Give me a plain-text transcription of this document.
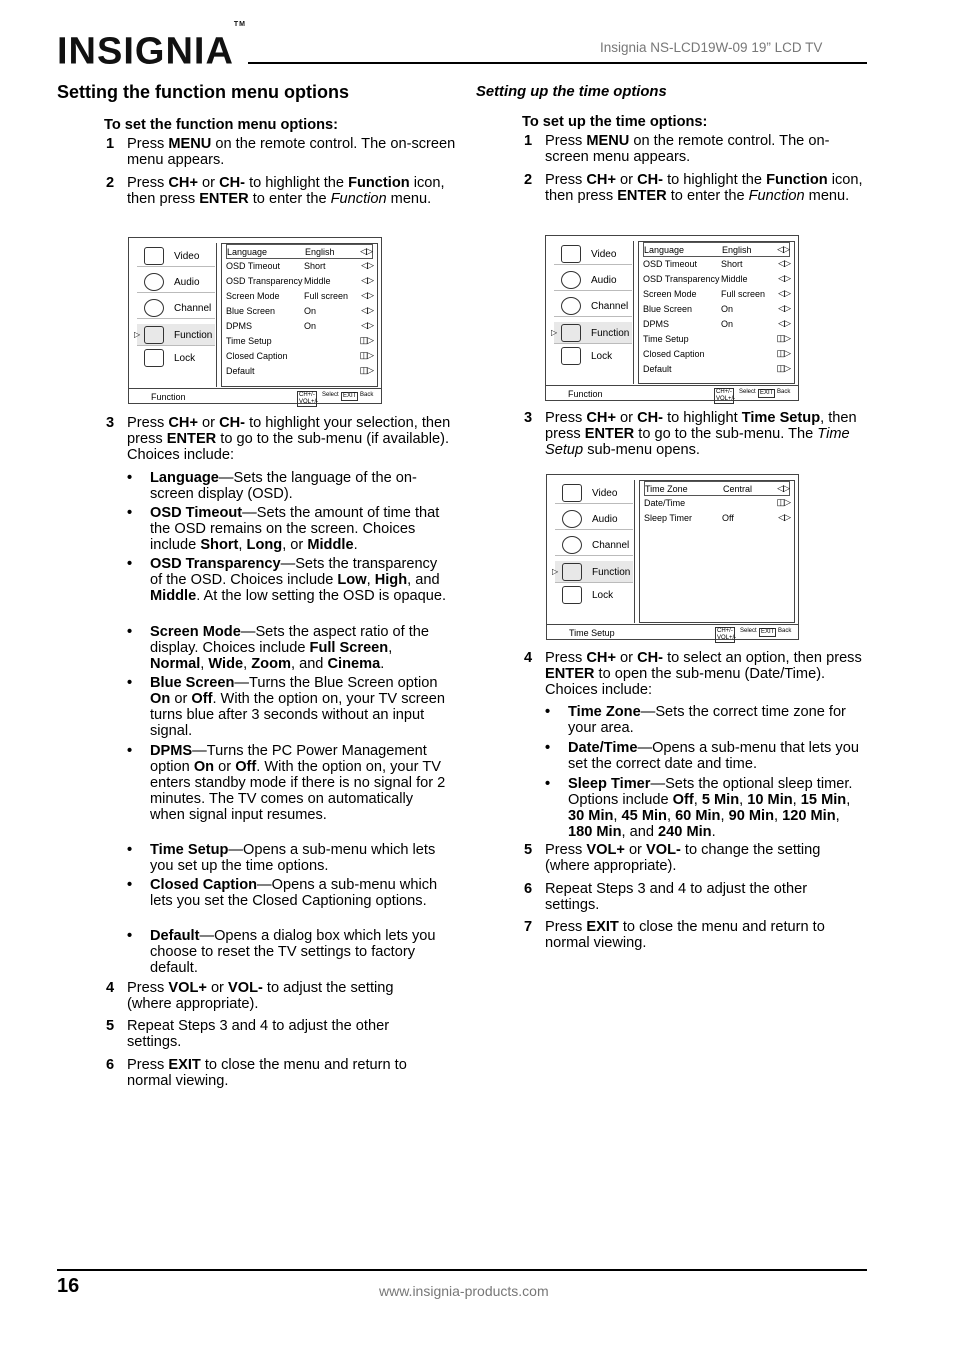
INSIGNIA™
Insignia NS-LCD19W-09 19” LCD TV
Setting the function menu options
To set the function menu options:
1 Press MENU on the remote control. The on-screen menu appears.
2 Press CH+ or CH- to highlight the Function icon, then press ENTER to enter the Function menu.
Video
Audio
Channel
▷	Function
Lock
Language	English	◁▷
OSD Timeout	Short	◁▷
OSD Transparency Middle	◁▷
Screen Mode	Full screen ◁▷
Blue Screen	On	◁▷
DPMS	On	◁▷
Time Setup	◫▷
Closed Caption	◫▷
Default	◫▷
Function	CH+/-
VOL+/-
Select EXIT Back
3 Press CH+ or CH- to highlight your selection, then press ENTER to go to the sub-menu (if available). Choices include:
• Language—Sets the language of the on-screen display (OSD).
• OSD Timeout—Sets the amount of time that the OSD remains on the screen. Choices include Short, Long, or Middle.
• OSD Transparency—Sets the transparency of the OSD. Choices include Low, High, and Middle. At the low setting the OSD is opaque.
• Screen Mode—Sets the aspect ratio of the display. Choices include Full Screen, Normal, Wide, Zoom, and Cinema.
• Blue Screen—Turns the Blue Screen option On or Off. With the option on, your TV screen turns blue after 3 seconds without an input signal.
• DPMS—Turns the PC Power Management option On or Off. With the option on, your TV enters standby mode if there is no signal for 2 minutes. The TV comes on automatically when signal input resumes.
• Time Setup—Opens a sub-menu which lets you set up the time options.
• Closed Caption—Opens a sub-menu which lets you set the Closed Captioning options.
• Default—Opens a dialog box which lets you choose to reset the TV settings to factory default.
4 Press VOL+ or VOL- to adjust the setting (where appropriate).
5 Repeat Steps 3 and 4 to adjust the other settings.
6 Press EXIT to close the menu and return to normal viewing.
Setting up the time options
To set up the time options:
1 Press MENU on the remote control. The on-screen menu appears.
2 Press CH+ or CH- to highlight the Function icon, then press ENTER to enter the Function menu.
Video
Audio
Channel
▷	Function
Lock
Language	English	◁▷
OSD Timeout	Short	◁▷
OSD Transparency Middle	◁▷
Screen Mode	Full screen ◁▷
Blue Screen	On	◁▷
DPMS	On	◁▷
Time Setup	◫▷
Closed Caption	◫▷
Default	◫▷
Function	CH+/-
VOL+/-
Select EXIT Back
3 Press CH+ or CH- to highlight Time Setup, then press ENTER to go to the sub-menu. The Time Setup sub-menu opens.
Video
Audio
Channel
▷	Function
Lock
Time Zone	Central	◁▷
Date/Time	◫▷
Sleep Timer	Off	◁▷
Time Setup	CH+/-
VOL+/-
Select EXIT Back
4 Press CH+ or CH- to select an option, then press ENTER to open the sub-menu (Date/Time). Choices include:
• Time Zone—Sets the correct time zone for your area.
• Date/Time—Opens a sub-menu that lets you set the correct date and time.
• Sleep Timer—Sets the optional sleep timer. Options include Off, 5 Min, 10 Min, 15 Min, 30 Min, 45 Min, 60 Min, 90 Min, 120 Min, 180 Min, and 240 Min.
5 Press VOL+ or VOL- to change the setting (where appropriate).
6 Repeat Steps 3 and 4 to adjust the other settings.
7 Press EXIT to close the menu and return to normal viewing.
16	www.insignia-products.com
